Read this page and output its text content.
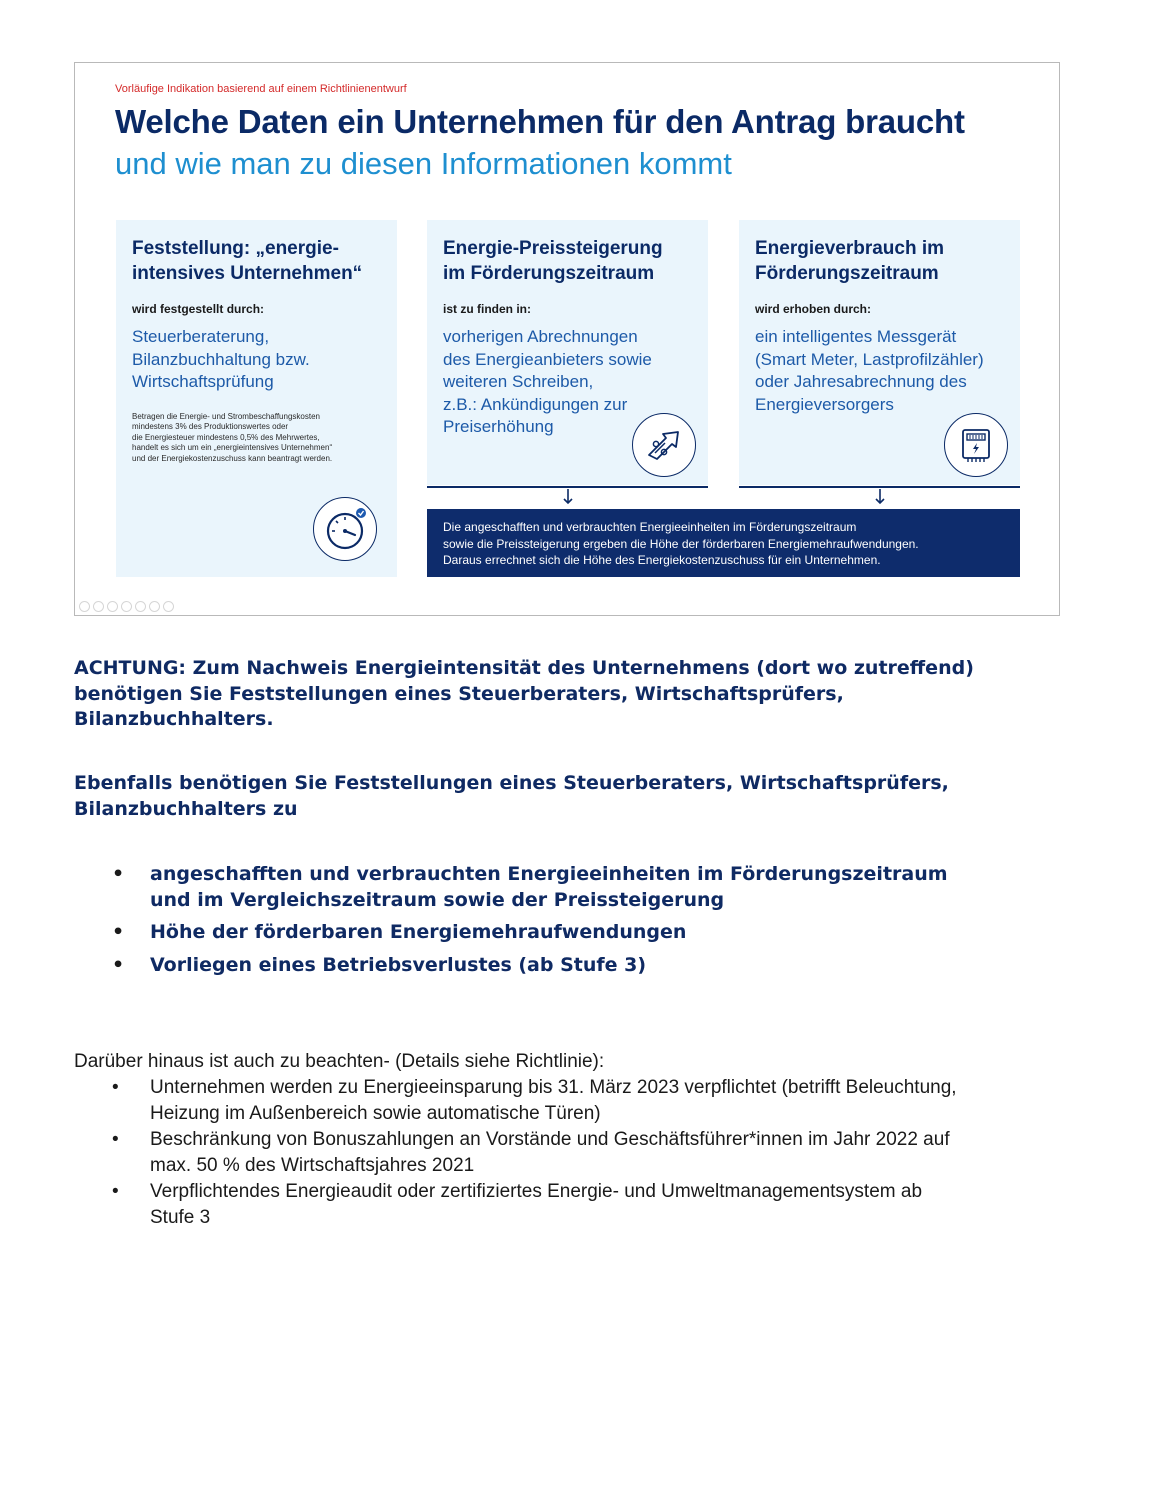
Vorläufige Indikation basierend auf einem Richtlinienentwurf
Welche Daten ein Unternehmen für den Antrag braucht
und wie man zu diesen Informationen kommt
Feststellung: „energie-
intensives Unternehmen“
wird festgestellt durch:
Steuerberaterung,
Bilanzbuchhaltung bzw.
Wirtschaftsprüfung
Betragen die Energie- und Strombeschaffungskosten
mindestens 3% des Produktionswertes oder
die Energiesteuer mindestens 0,5% des Mehrwertes,
handelt es sich um ein „energieintensives Unternehmen“
und der Energiekostenzuschuss kann beantragt werden.
Energie-Preissteigerung
im Förderungszeitraum
ist zu finden in:
vorherigen Abrechnungen
des Energieanbieters sowie
weiteren Schreiben,
z.B.: Ankündigungen zur
Preiserhöhung
Energieverbrauch im
Förderungszeitraum
wird erhoben durch:
ein intelligentes Messgerät
(Smart Meter, Lastprofilzähler)
oder Jahresabrechnung des
Energieversorgers
Die angeschafften und verbrauchten Energieeinheiten im Förderungszeitraum
sowie die Preissteigerung ergeben die Höhe der förderbaren Energiemehraufwendungen.
Daraus errechnet sich die Höhe des Energiekostenzuschuss für ein Unternehmen.
ACHTUNG: Zum Nachweis Energieintensität des Unternehmens (dort wo zutreffend)
benötigen Sie Feststellungen eines Steuerberaters, Wirtschaftsprüfers,
Bilanzbuchhalters.
Ebenfalls benötigen Sie Feststellungen eines Steuerberaters, Wirtschaftsprüfers,
Bilanzbuchhalters zu
• angeschafften und verbrauchten Energieeinheiten im Förderungszeitraum
und im Vergleichszeitraum sowie der Preissteigerung
• Höhe der förderbaren Energiemehraufwendungen
• Vorliegen eines Betriebsverlustes (ab Stufe 3)
Darüber hinaus ist auch zu beachten- (Details siehe Richtlinie):
• Unternehmen werden zu Energieeinsparung bis 31. März 2023 verpflichtet (betrifft Beleuchtung,
Heizung im Außenbereich sowie automatische Türen)
• Beschränkung von Bonuszahlungen an Vorstände und Geschäftsführer*innen im Jahr 2022 auf
max. 50 % des Wirtschaftsjahres 2021
• Verpflichtendes Energieaudit oder zertifiziertes Energie- und Umweltmanagementsystem ab
Stufe 3
